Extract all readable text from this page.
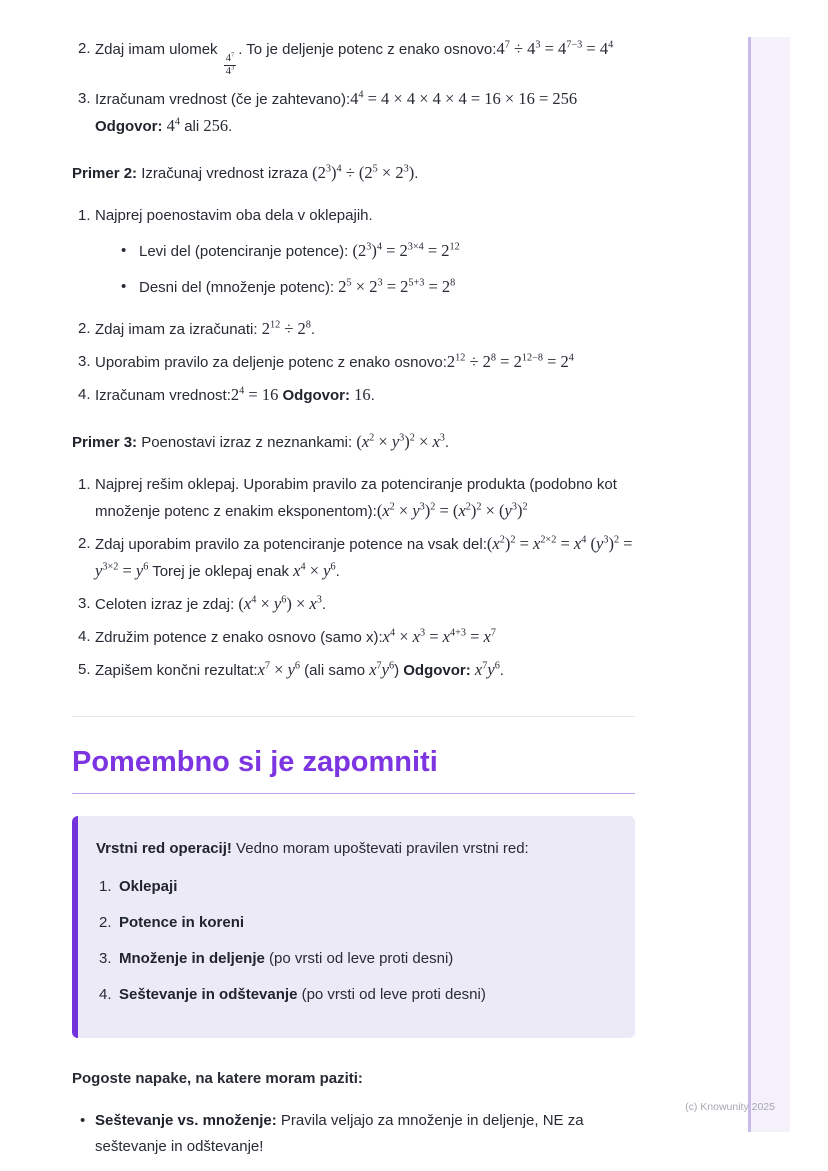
2. Zdaj imam ulomek
$\frac{4^7}{4^3}$
. To je deljenje potenc z enako $osnovo:4^7 \div 4^3 = 4^{7-3} = 4^4$
3. Izračunam vrednost (če je $zahtevano):4^4 = 4 \times 4 \times 4 \times 4 = 16 \times 16 = 256$
Odgovor: $4^4$ ali 256.

Primer 2: Izračunaj vrednost izraza $(2^3)^4 \div (2^5 \times 2^3)$.

1. Najprej poenostavim oba dela v oklepajih.
• Levi del (potenciranje potence): $(2^3)^4 = 2^{3\times 4} = 2^{12}$
• Desni del (množenje potenc): $2^5 \times 2^3 = 2^{5+3} = 2^8$
2. Zdaj imam za izračunati: $2^{12} \div 2^8$.
3. Uporabim pravilo za deljenje potenc z enako $osnovo:2^{12} \div 2^8 = 2^{12-8} = 2^4$
4. Izračunam $vrednost:2^4 = 16$ Odgovor: 16.

Primer 3: Poenostavi izraz z neznankami: $(x^2 \times y^3)^2 \times x^3$.

1. Najprej rešim oklepaj. Uporabim pravilo za potenciranje produkta (podobno kot množenje potenc z enakim $eksponentom):(x^2 \times y^3)^2 = (x^2)^2 \times (y^3)^2$
2. Zdaj uporabim pravilo za potenciranje potence na vsak $del:(x^2)^2 = x^{2\times 2} = x^4$ $(y^3)^2 = y^{3\times 2} = y^6$ Torej je oklepaj enak $x^4 \times y^6$.
3. Celoten izraz je zdaj: $(x^4 \times y^6) \times x^3$.
4. Združim potence z enako osnovo (samo $x):x^4 \times x^3 = x^{4+3} = x^7$
5. Zapišem končni $rezultat:x^7 \times y^6$ (ali samo $x^7y^6$) Odgovor: $x^7y^6$.
Pomembno si je zapomniti

Vrstni red operacij! Vedno moram upoštevati pravilen vrstni red:

1. Oklepaji
2. Potence in koreni
3. Množenje in deljenje (po vrsti od leve proti desni)
4. Seštevanje in odštevanje (po vrsti od leve proti desni)

Pogoste napake, na katere moram paziti:

• Seštevanje vs. množenje: Pravila veljajo za množenje in deljenje, NE za seštevanje in odštevanje!
(c) Knowunity 2025
